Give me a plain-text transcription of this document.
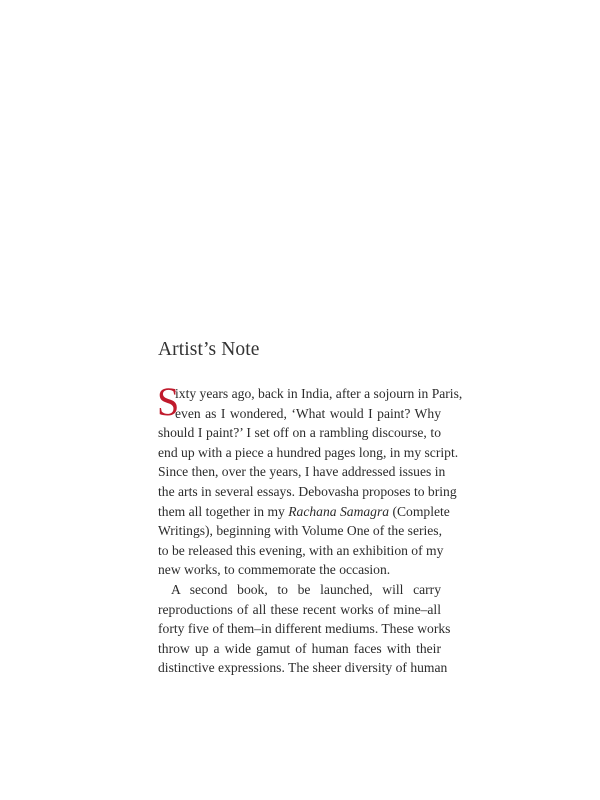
Artist’s Note
S
ixty years ago, back in India, after a sojourn in Paris,
even as I wondered, ‘What would I paint? Why
should I paint?’ I set off on a rambling discourse, to
end up with a piece a hundred pages long, in my script.
Since then, over the years, I have addressed issues in
the arts in several essays. Debovasha proposes to bring
them all together in my Rachana Samagra (Complete
Writings), beginning with Volume One of the series,
to be released this evening, with an exhibition of my
new works, to commemorate the occasion.
A second book, to be launched, will carry
reproductions of all these recent works of mine–all
forty five of them–in different mediums. These works
throw up a wide gamut of human faces with their
distinctive expressions. The sheer diversity of human
